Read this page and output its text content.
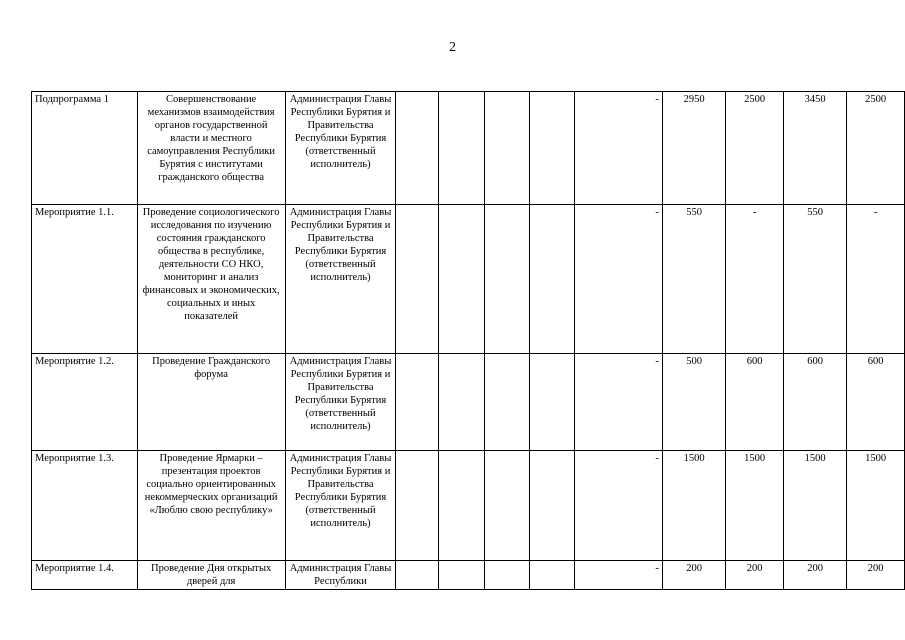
2
Подпрограмма 1	Совершенствование механизмов взаимодействия органов государственной власти и местного самоуправления Республики Бурятия с институтами гражданского общества	Администрация Главы Республики Бурятия и Правительства Республики Бурятия (ответственный исполнитель)					-	2950	2500	3450	2500
Мероприятие 1.1.	Проведение социологического исследования по изучению состояния гражданского общества в республике, деятельности СО НКО, мониторинг и анализ финансовых и экономических, социальных и иных показателей	Администрация Главы Республики Бурятия и Правительства Республики Бурятия (ответственный исполнитель)					-	550	-	550	-
Мероприятие 1.2.	Проведение Гражданского форума	Администрация Главы Республики Бурятия и Правительства Республики Бурятия (ответственный исполнитель)					-	500	600	600	600
Мероприятие 1.3.	Проведение Ярмарки – презентация проектов социально ориентированных некоммерческих организаций «Люблю свою республику»	Администрация Главы Республики Бурятия и Правительства Республики Бурятия (ответственный исполнитель)					-	1500	1500	1500	1500
Мероприятие 1.4.	Проведение Дня открытых дверей для	Администрация Главы Республики					-	200	200	200	200
